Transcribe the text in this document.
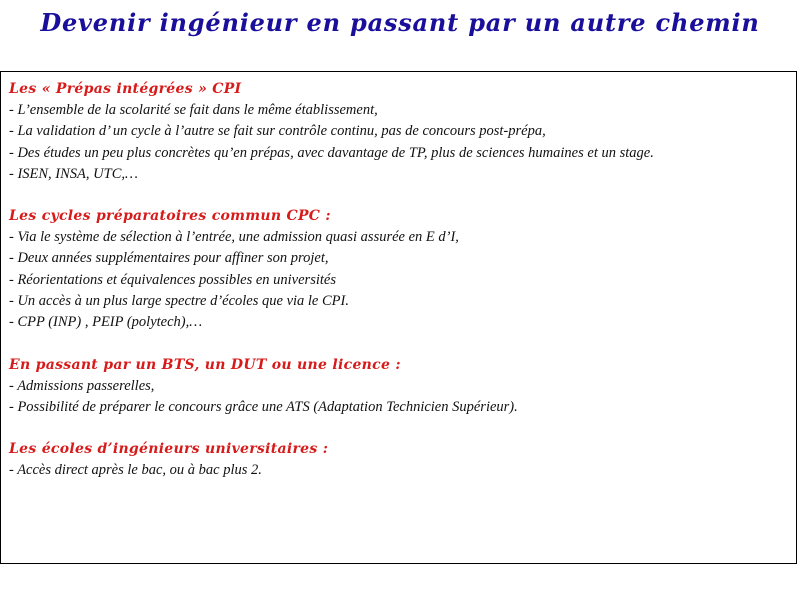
Devenir ingénieur en passant par un autre chemin
Les « Prépas intégrées » CPI
- L’ensemble de la scolarité se fait dans le même établissement,
- La validation d’ un cycle à l’autre se fait sur contrôle continu, pas de concours post-prépa,
- Des études un peu plus concrètes qu’en prépas, avec davantage de TP, plus de sciences humaines et un stage.
- ISEN, INSA, UTC,…
Les cycles préparatoires commun CPC :
- Via le système de sélection à l’entrée, une admission quasi assurée en E d’I,
- Deux années supplémentaires pour affiner son projet,
- Réorientations et équivalences possibles en universités
- Un accès à un plus large spectre d’écoles que via le CPI.
- CPP (INP) , PEIP (polytech),…
En passant par un BTS, un DUT ou une licence :
- Admissions passerelles,
- Possibilité de préparer le concours grâce une ATS (Adaptation Technicien Supérieur).
Les écoles d’ingénieurs universitaires :
- Accès direct après le bac, ou à bac plus 2.
